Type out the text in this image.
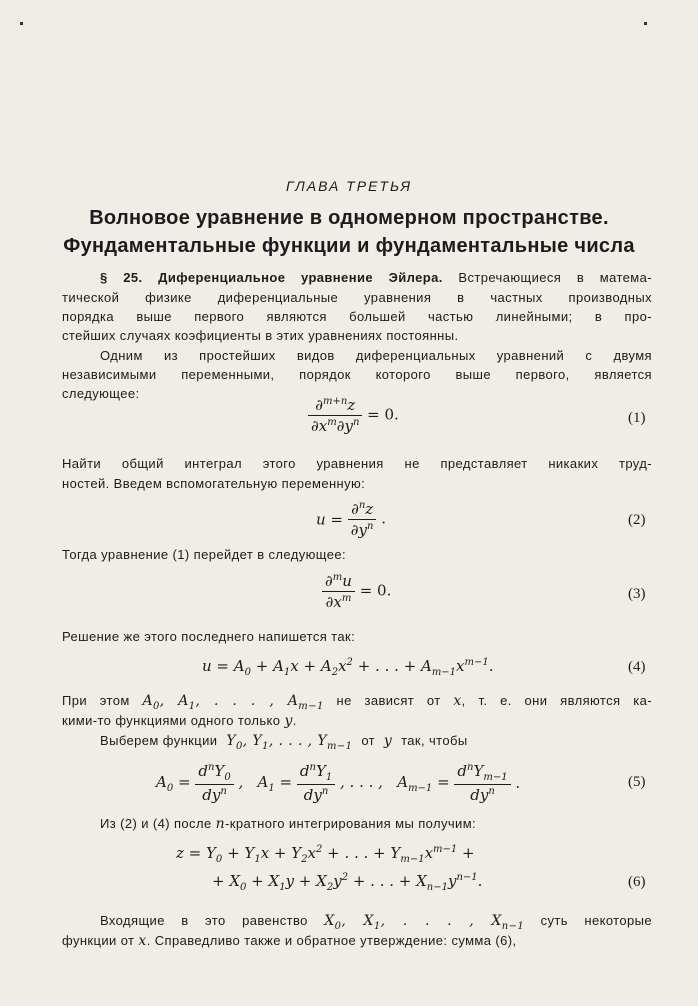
ГЛАВА ТРЕТЬЯ
Волновое уравнение в одномерном пространстве.
Фундаментальные функции и фундаментальные числа
§ 25. Диференциальное уравнение Эйлера. Встречающиеся в матема-
тической физике диференциальные уравнения в частных производных
порядка выше первого являются большей частью линейными; в про-
стейших случаях коэфициенты в этих уравнениях постоянны.
Одним из простейших видов диференциальных уравнений с двумя
независимыми переменными, порядок которого выше первого, является
следующее:
$\frac{\partial^{m+n}z}{\partial x^m\partial y^n} = 0$.	(1)
Найти общий интеграл этого уравнения не представляет никаких труд-
ностей. Введем вспомогательную переменную:
$u = \frac{\partial^nz}{\partial y^n}$ .	(2)
Тогда уравнение (1) перейдет в следующее:
$\frac{\partial^mu}{\partial x^m} = 0$.	(3)
Решение же этого последнего напишется так:
$u = A_0 + A_1x + A_2x^2$ + . . . + $A_{m-1}x^{m-1}$.	(4)
При этом $A_0$, $A_1$, . . . , $A_{m-1}$ не зависят от x, т. е. они являются ка-
кими-то функциями одного только y.
Выберем функции  $Y_0$, $Y_1$, . . . , $Y_{m-1}$ от  y  так, чтобы
$A_0 = \frac{d^nY_0}{dy^n}$ ,   $A_1 = \frac{d^nY_1}{dy^n}$ , . . . ,   $A_{m-1} = \frac{d^nY_{m-1}}{dy^n}$ .	(5)
Из (2) и (4) после n-кратного интегрирования мы получим:
$z = Y_0 + Y_1x + Y_2x^2$ + . . . + $Y_{m-1}x^{m-1}$ +
+ $X_0 + X_1y + X_2y^2$ + . . . + $X_{n-1}y^{n-1}$.	(6)
Входящие в это равенство $X_0$, $X_1$, . . . , $X_{n-1}$ суть некоторые
функции от x. Справедливо также и обратное утверждение: сумма (6),
